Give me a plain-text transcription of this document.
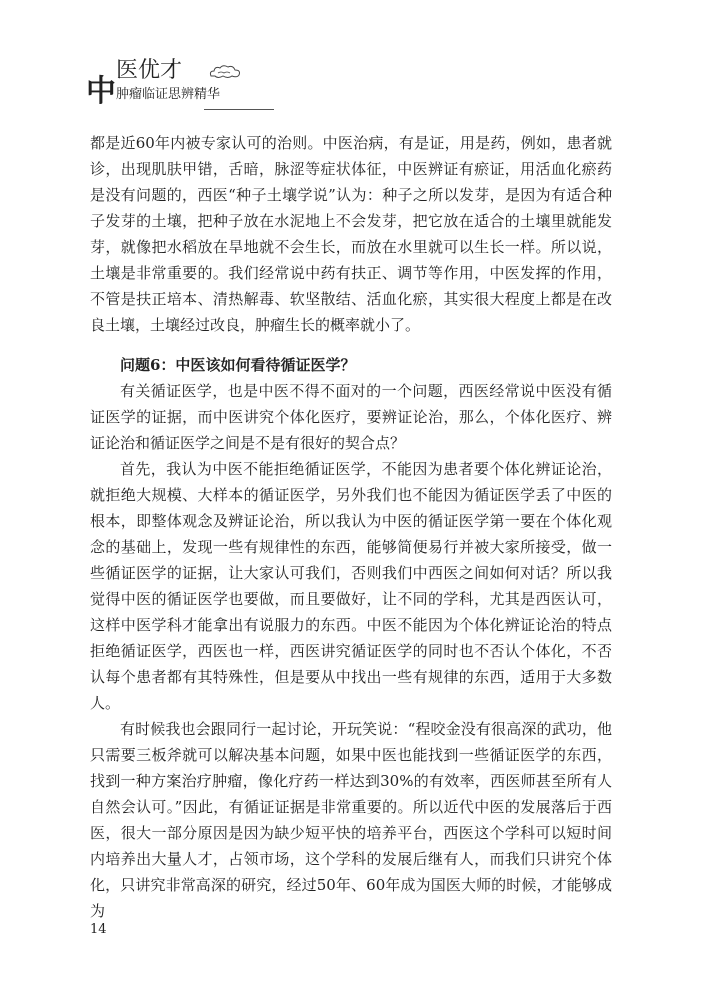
中
医优才
肿瘤临证思辨精华

都是近60年内被专家认可的治则。中医治病，有是证，用是药，例如，患者就诊，出现肌肤甲错，舌暗，脉涩等症状体征，中医辨证有瘀证，用活血化瘀药是没有问题的，西医“种子土壤学说”认为：种子之所以发芽，是因为有适合种子发芽的土壤，把种子放在水泥地上不会发芽，把它放在适合的土壤里就能发芽，就像把水稻放在旱地就不会生长，而放在水里就可以生长一样。所以说，土壤是非常重要的。我们经常说中药有扶正、调节等作用，中医发挥的作用，不管是扶正培本、清热解毒、软坚散结、活血化瘀，其实很大程度上都是在改良土壤，土壤经过改良，肿瘤生长的概率就小了。

问题6：中医该如何看待循证医学？

有关循证医学，也是中医不得不面对的一个问题，西医经常说中医没有循证医学的证据，而中医讲究个体化医疗，要辨证论治，那么，个体化医疗、辨证论治和循证医学之间是不是有很好的契合点？

首先，我认为中医不能拒绝循证医学，不能因为患者要个体化辨证论治，就拒绝大规模、大样本的循证医学，另外我们也不能因为循证医学丢了中医的根本，即整体观念及辨证论治，所以我认为中医的循证医学第一要在个体化观念的基础上，发现一些有规律性的东西，能够简便易行并被大家所接受，做一些循证医学的证据，让大家认可我们，否则我们中西医之间如何对话？所以我觉得中医的循证医学也要做，而且要做好，让不同的学科，尤其是西医认可，这样中医学科才能拿出有说服力的东西。中医不能因为个体化辨证论治的特点拒绝循证医学，西医也一样，西医讲究循证医学的同时也不否认个体化，不否认每个患者都有其特殊性，但是要从中找出一些有规律的东西，适用于大多数人。

有时候我也会跟同行一起讨论，开玩笑说：“程咬金没有很高深的武功，他只需要三板斧就可以解决基本问题，如果中医也能找到一些循证医学的东西，找到一种方案治疗肿瘤，像化疗药一样达到30%的有效率，西医师甚至所有人自然会认可。”因此，有循证证据是非常重要的。所以近代中医的发展落后于西医，很大一部分原因是因为缺少短平快的培养平台，西医这个学科可以短时间内培养出大量人才，占领市场，这个学科的发展后继有人，而我们只讲究个体化，只讲究非常高深的研究，经过50年、60年成为国医大师的时候，才能够成为

14
